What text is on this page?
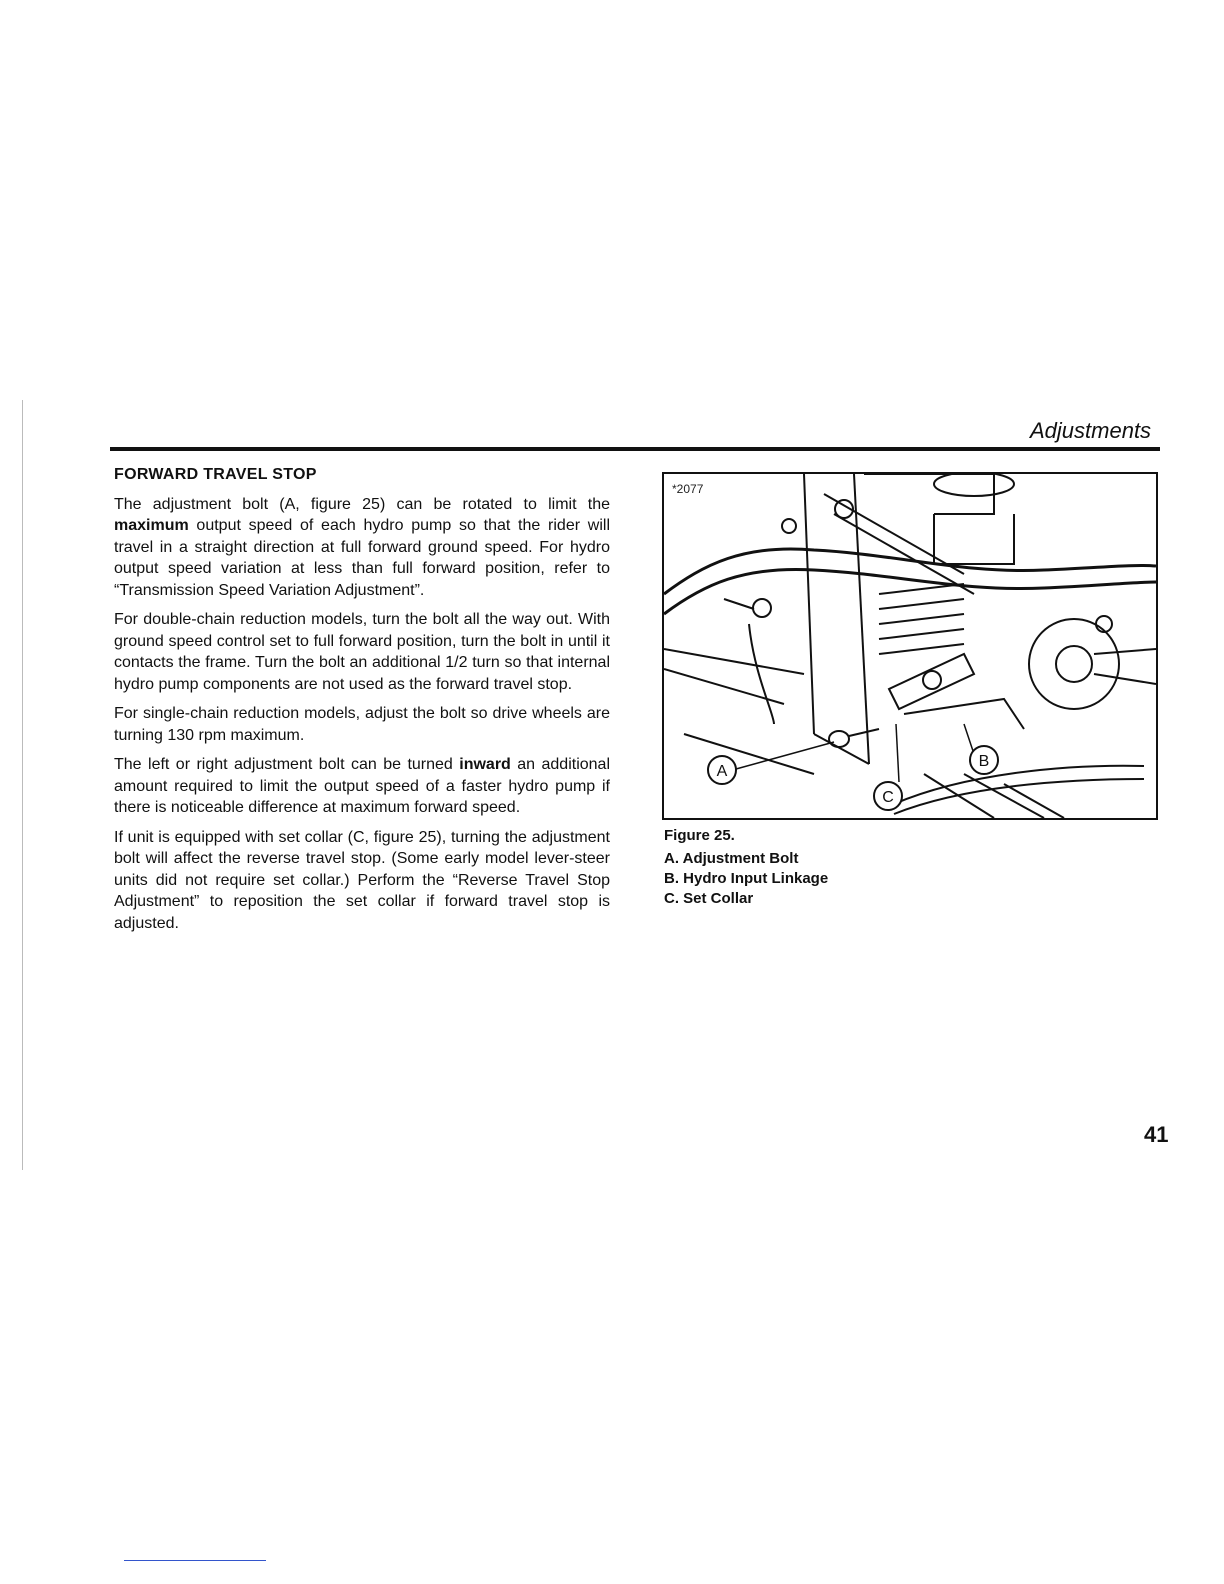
Adjustments
FORWARD TRAVEL STOP

The adjustment bolt (A, figure 25) can be rotated to limit the maximum output speed of each hydro pump so that the rider will travel in a straight direction at full forward ground speed. For hydro output speed variation at less than full forward position, refer to “Transmission Speed Variation Adjustment”.

For double-chain reduction models, turn the bolt all the way out. With ground speed control set to full forward position, turn the bolt in until it contacts the frame. Turn the bolt an additional 1/2 turn so that internal hydro pump components are not used as the forward travel stop.

For single-chain reduction models, adjust the bolt so drive wheels are turning 130 rpm maximum.

The left or right adjustment bolt can be turned inward an additional amount required to limit the output speed of a faster hydro pump if there is noticeable difference at maximum forward speed.

If unit is equipped with set collar (C, figure 25), turning the adjustment bolt will affect the reverse travel stop. (Some early model lever-steer units did not require set collar.) Perform the “Reverse Travel Stop Adjustment” to reposition the set collar if forward travel stop is adjusted.

A
B
C
*2077
Figure 25.
A. Adjustment Bolt
B. Hydro Input Linkage
C. Set Collar
41
